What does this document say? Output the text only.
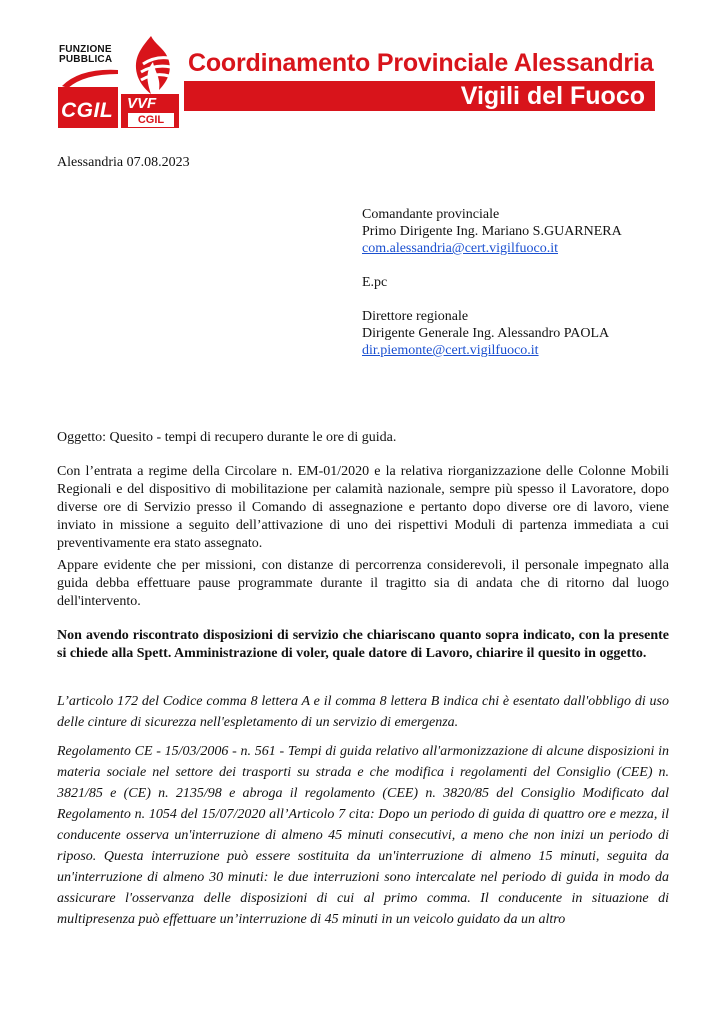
FUNZIONE
PUBBLICA
CGIL VVF
CGIL
Coordinamento Provinciale Alessandria
Vigili del Fuoco
Alessandria 07.08.2023
Comandante provinciale
Primo Dirigente Ing. Mariano S.GUARNERA
com.alessandria@cert.vigilfuoco.it
E.pc
Direttore regionale
Dirigente Generale Ing. Alessandro PAOLA
dir.piemonte@cert.vigilfuoco.it
Oggetto: Quesito - tempi di recupero durante le ore di guida.
Con l’entrata a regime della Circolare n. EM-01/2020 e la relativa riorganizzazione delle Colonne Mobili Regionali e del dispositivo di mobilitazione per calamità nazionale, sempre più spesso il Lavoratore, dopo diverse ore di Servizio presso il Comando di assegnazione e pertanto dopo diverse ore di lavoro, viene inviato in missione a seguito dell’attivazione di uno dei rispettivi Moduli di partenza immediata a cui preventivamente era stato assegnato.
Appare evidente che per missioni, con distanze di percorrenza considerevoli, il personale impegnato alla guida debba effettuare pause programmate durante il tragitto sia di andata che di ritorno dal luogo dell'intervento.
Non avendo riscontrato disposizioni di servizio che chiariscano quanto sopra indicato, con la presente si chiede alla Spett. Amministrazione di voler, quale datore di Lavoro, chiarire il quesito in oggetto.
L’articolo 172 del Codice comma 8 lettera A e il comma 8 lettera B indica chi è esentato dall'obbligo di uso delle cinture di sicurezza nell'espletamento di un servizio di emergenza.
Regolamento CE - 15/03/2006 - n. 561 - Tempi di guida relativo all'armonizzazione di alcune disposizioni in materia sociale nel settore dei trasporti su strada e che modifica i regolamenti del Consiglio (CEE) n. 3821/85 e (CE) n. 2135/98 e abroga il regolamento (CEE) n. 3820/85 del Consiglio Modificato dal Regolamento n. 1054 del 15/07/2020 all’Articolo 7 cita: Dopo un periodo di guida di quattro ore e mezza, il conducente osserva un'interruzione di almeno 45 minuti consecutivi, a meno che non inizi un periodo di riposo. Questa interruzione può essere sostituita da un'interruzione di almeno 15 minuti, seguita da un'interruzione di almeno 30 minuti: le due interruzioni sono intercalate nel periodo di guida in modo da assicurare l'osservanza delle disposizioni di cui al primo comma. Il conducente in situazione di multipresenza può effettuare un’interruzione di 45 minuti in un veicolo guidato da un altro
